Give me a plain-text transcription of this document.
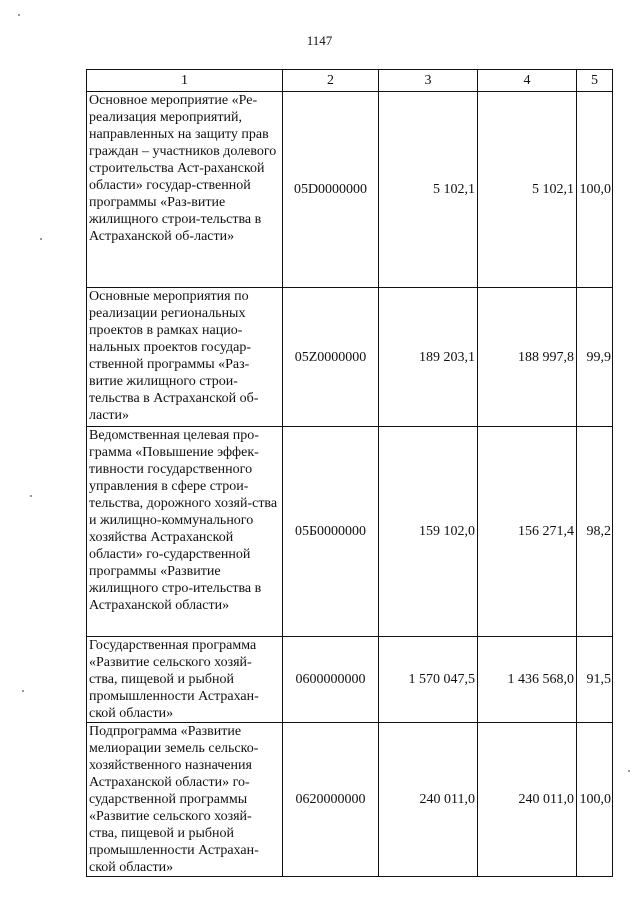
1147
1	2	3	4	5
Основное мероприятие «Ре-реализация мероприятий, направленных на защиту прав граждан – участников долевого строительства Аст-раханской области» государ-ственной программы «Раз-витие жилищного строи-тельства в Астраханской об-ласти»	05D0000000	5 102,1	5 102,1	100,0
Основные мероприятия по реализации региональных проектов в рамках нацио-нальных проектов государ-ственной программы «Раз-витие жилищного строи-тельства в Астраханской об-ласти»	05Z0000000	189 203,1	188 997,8	99,9
Ведомственная целевая про-грамма «Повышение эффек-тивности государственного управления в сфере строи-тельства, дорожного хозяй-ства и жилищно-коммунального хозяйства Астраханской области» го-сударственной программы «Развитие жилищного стро-ительства в Астраханской области»	05Б0000000	159 102,0	156 271,4	98,2
Государственная программа «Развитие сельского хозяй-ства, пищевой и рыбной промышленности Астрахан-ской области»	0600000000	1 570 047,5	1 436 568,0	91,5
Подпрограмма «Развитие мелиорации земель сельско-хозяйственного назначения Астраханской области» го-сударственной программы «Развитие сельского хозяй-ства, пищевой и рыбной промышленности Астрахан-ской области»	0620000000	240 011,0	240 011,0	100,0
